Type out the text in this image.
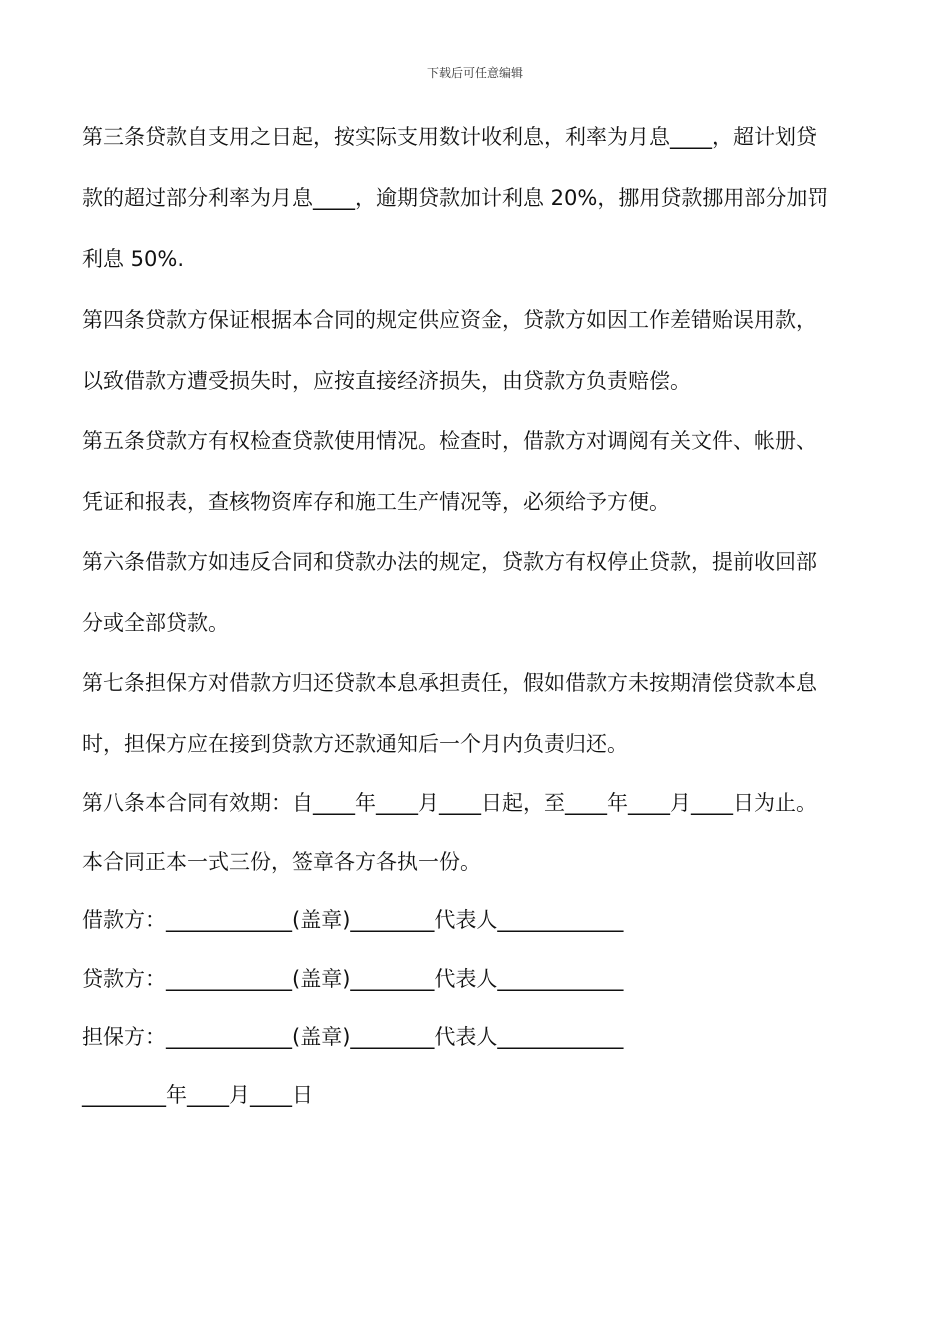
下载后可任意编辑
第三条贷款自支用之日起，按实际支用数计收利息，利率为月息____，超计划贷
款的超过部分利率为月息____，逾期贷款加计利息 20%，挪用贷款挪用部分加罚
利息 50%.
第四条贷款方保证根据本合同的规定供应资金，贷款方如因工作差错贻误用款，
以致借款方遭受损失时，应按直接经济损失，由贷款方负责赔偿。
第五条贷款方有权检查贷款使用情况。检查时，借款方对调阅有关文件、帐册、
凭证和报表，查核物资库存和施工生产情况等，必须给予方便。
第六条借款方如违反合同和贷款办法的规定，贷款方有权停止贷款，提前收回部
分或全部贷款。
第七条担保方对借款方归还贷款本息承担责任，假如借款方未按期清偿贷款本息
时，担保方应在接到贷款方还款通知后一个月内负责归还。
第八条本合同有效期：自____年____月____日起，至____年____月____日为止。
本合同正本一式三份，签章各方各执一份。
借款方：____________(盖章)________代表人____________
贷款方：____________(盖章)________代表人____________
担保方：____________(盖章)________代表人____________
________年____月____日
